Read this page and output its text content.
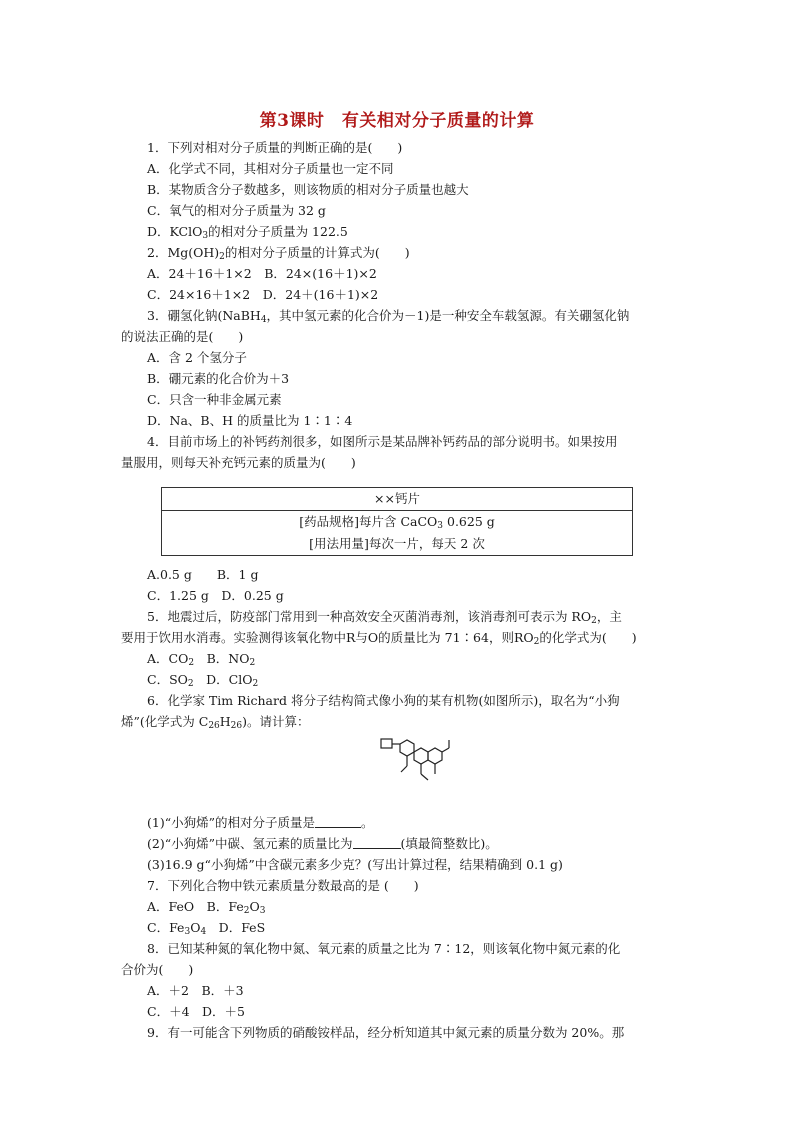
第3课时　有关相对分子质量的计算
1．下列对相对分子质量的判断正确的是(　　)
A．化学式不同，其相对分子质量也一定不同
B．某物质含分子数越多，则该物质的相对分子质量也越大
C．氧气的相对分子质量为 32 g
D．KClO$_3$的相对分子质量为 122.5
2．$Mg(OH)_2$的相对分子质量的计算式为(　　)
A．24＋16＋1×2　B．24×(16＋1)×2
C．24×16＋1×2　D．24＋(16＋1)×2
3．硼氢化钠(NaBH$_4$，其中氢元素的化合价为－1)是一种安全车载氢源。有关硼氢化钠
的说法正确的是(　　)
A．含 2 个氢分子
B．硼元素的化合价为＋3
C．只含一种非金属元素
D．Na、B、H 的质量比为 1∶1∶4
4．目前市场上的补钙药剂很多，如图所示是某品牌补钙药品的部分说明书。如果按用
量服用，则每天补充钙元素的质量为(　　)
××钙片
[药品规格]每片含 CaCO$_3$ 0.625 g
[用法用量]每次一片，每天 2 次
A.0.5 g　　B．1 g
C．1.25 g　D．0.25 g
5．地震过后，防疫部门常用到一种高效安全灭菌消毒剂，该消毒剂可表示为 $RO_2$，主
要用于饮用水消毒。实验测得该氧化物中R与O的质量比为 71∶64，则$RO_2$的化学式为(　　)
A．$CO_2$　B．$NO_2$
C．$SO_2$　D．ClO$_2$
6．化学家 Tim Richard 将分子结构简式像小狗的某有机物(如图所示)，取名为“小狗
烯”(化学式为 $C_{26}H_{26}$)。请计算：
(1)“小狗烯”的相对分子质量是	。
(2)“小狗烯”中碳、氢元素的质量比为	(填最简整数比)。
(3)16.9 g“小狗烯”中含碳元素多少克？(写出计算过程，结果精确到 0.1 g)
7．下列化合物中铁元素质量分数最高的是 (　　)
A．FeO　B．$Fe_2O_3$
C．$Fe_3O_4$　D．FeS
8．已知某种氮的氧化物中氮、氧元素的质量之比为 7∶12，则该氧化物中氮元素的化
合价为(　　)
A．＋2　B．＋3
C．＋4　D．＋5
9．有一可能含下列物质的硝酸铵样品，经分析知道其中氮元素的质量分数为 20%。那
